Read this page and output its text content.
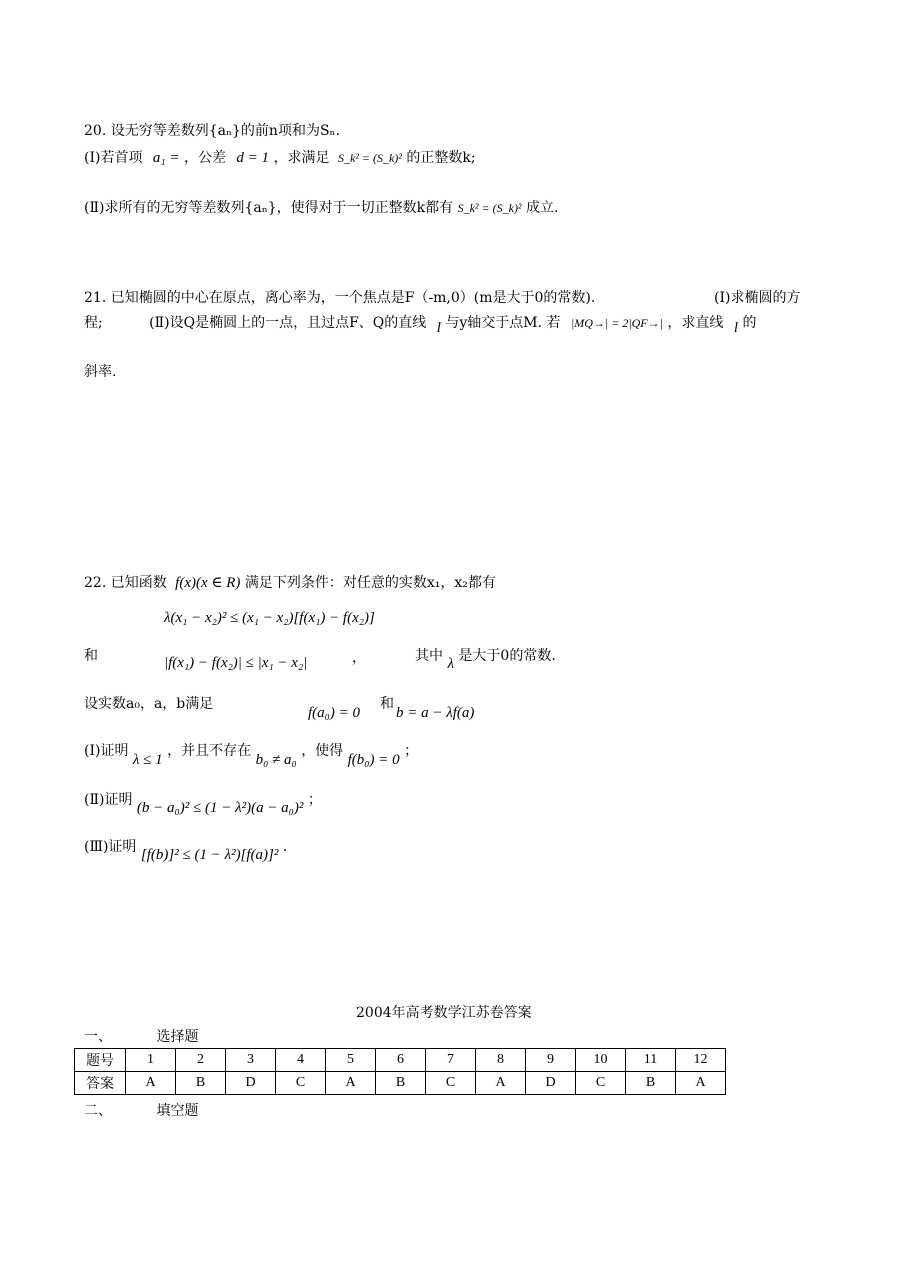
20. 设无穷等差数列{aₙ}的前n项和为Sₙ.
(Ⅰ)若首项 a₁ = ，公差 d = 1 ，求满足 S_k² = (S_k)² 的正整数k;
(Ⅱ)求所有的无穷等差数列{aₙ}，使得对于一切正整数k都有 S_k² = (S_k)² 成立.
21. 已知椭圆的中心在原点，离心率为，一个焦点是F（-m,0）(m是大于0的常数).	(Ⅰ)求椭圆的方
程;	(Ⅱ)设Q是椭圆上的一点，且过点F、Q的直线 l 与y轴交于点M. 若 |MQ→| = 2|QF→| ，求直线 l 的
斜率.
22. 已知函数 f(x)(x ∈ R) 满足下列条件：对任意的实数x₁，x₂都有
λ(x₁ − x₂)² ≤ (x₁ − x₂)[f(x₁) − f(x₂)]
和	|f(x₁) − f(x₂)| ≤ |x₁ − x₂|	，	其中 λ 是大于0的常数.
设实数a₀，a，b满足
f(a₀) = 0
和
b = a − λf(a)
(Ⅰ)证明 λ ≤ 1 ，并且不存在 b₀ ≠ a₀ ，使得 f(b₀) = 0 ；
(Ⅱ)证明 (b − a₀)² ≤ (1 − λ²)(a − a₀)² ；
(Ⅲ)证明 [f(b)]² ≤ (1 − λ²)[f(a)]² .
2004年高考数学江苏卷答案
一、	选择题
题号	1	2	3	4	5	6	7	8	9	10	11	12
答案	A	B	D	C	A	B	C	A	D	C	B	A
二、	填空题
